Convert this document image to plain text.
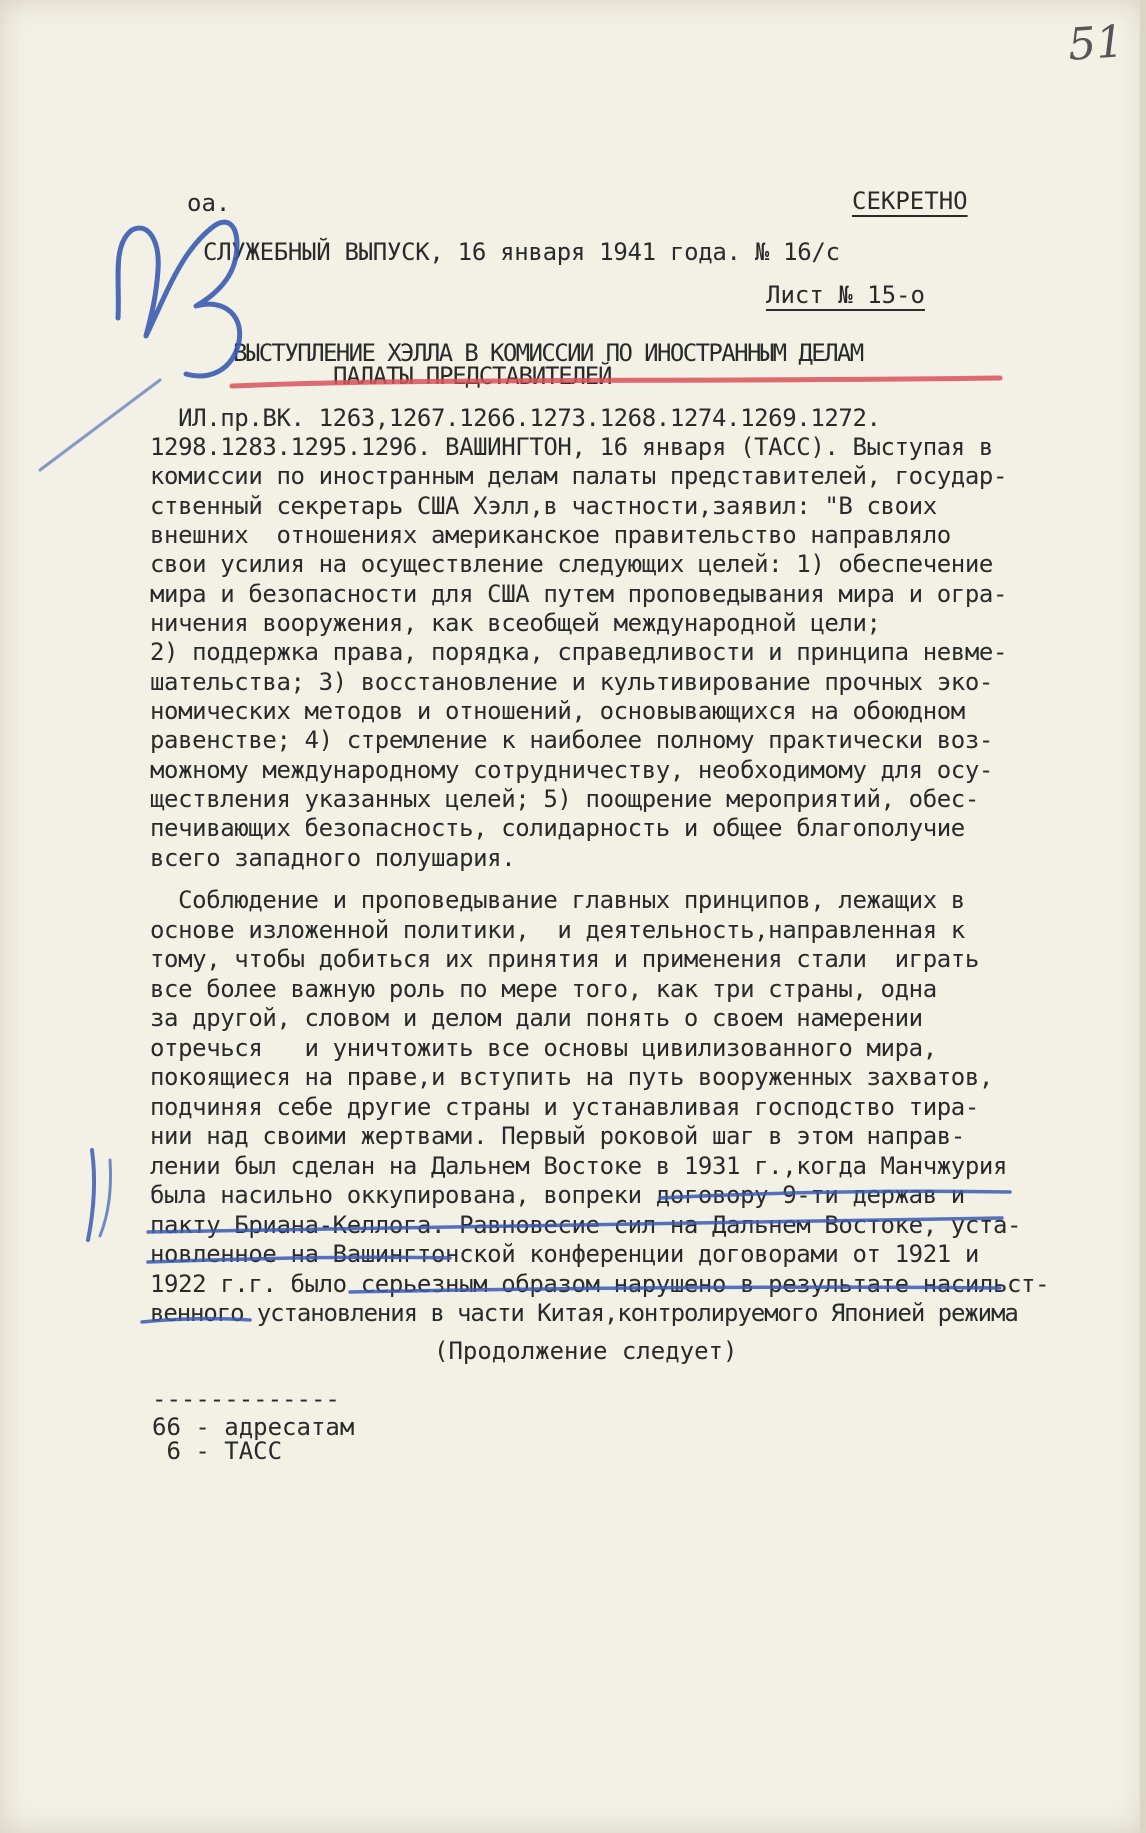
51
оа.	СЕКРЕТНО
СЛУЖЕБНЫЙ ВЫПУСК, 16 января 1941 года. № 16/с
Лист № 15-о
ВЫСТУПЛЕНИЕ ХЭЛЛА В КОМИССИИ ПО ИНОСТРАННЫМ ДЕЛАМ
ПАЛАТЫ ПРЕДСТАВИТЕЛЕЙ
ИЛ.пр.ВК. 1263,1267.1266.1273.1268.1274.1269.1272.
1298.1283.1295.1296. ВАШИНГТОН, 16 января (ТАСС). Выступая в
комиссии по иностранным делам палаты представителей, государ-
ственный секретарь США Хэлл,в частности,заявил: "В своих
внешних  отношениях американское правительство направляло
свои усилия на осуществление следующих целей: 1) обеспечение
мира и безопасности для США путем проповедывания мира и огра-
ничения вооружения, как всеобщей международной цели;
2) поддержка права, порядка, справедливости и принципа невме-
шательства; 3) восстановление и культивирование прочных эко-
номических методов и отношений, основывающихся на обоюдном
равенстве; 4) стремление к наиболее полному практически воз-
можному международному сотрудничеству, необходимому для осу-
ществления указанных целей; 5) поощрение мероприятий, обес-
печивающих безопасность, солидарность и общее благополучие
всего западного полушария.
Соблюдение и проповедывание главных принципов, лежащих в
основе изложенной политики,  и деятельность,направленная к
тому, чтобы добиться их принятия и применения стали  играть
все более важную роль по мере того, как три страны, одна
за другой, словом и делом дали понять о своем намерении
отречься   и уничтожить все основы цивилизованного мира,
покоящиеся на праве,и вступить на путь вооруженных захватов,
подчиняя себе другие страны и устанавливая господство тира-
нии над своими жертвами. Первый роковой шаг в этом направ-
лении был сделан на Дальнем Востоке в 1931 г.,когда Манчжурия
была насильно оккупирована, вопреки договору 9-ти держав и
пакту Бриана-Келлога. Равновесие сил на Дальнем Востоке, уста-
новленное на Вашингтонской конференции договорами от 1921 и
1922 г.г. было серьезным образом нарушено в результате насильст-
венного установления в части Китая,контролируемого Японией режима
(Продолжение следует)
-------------
66 - адресатам
6 - ТАСС
